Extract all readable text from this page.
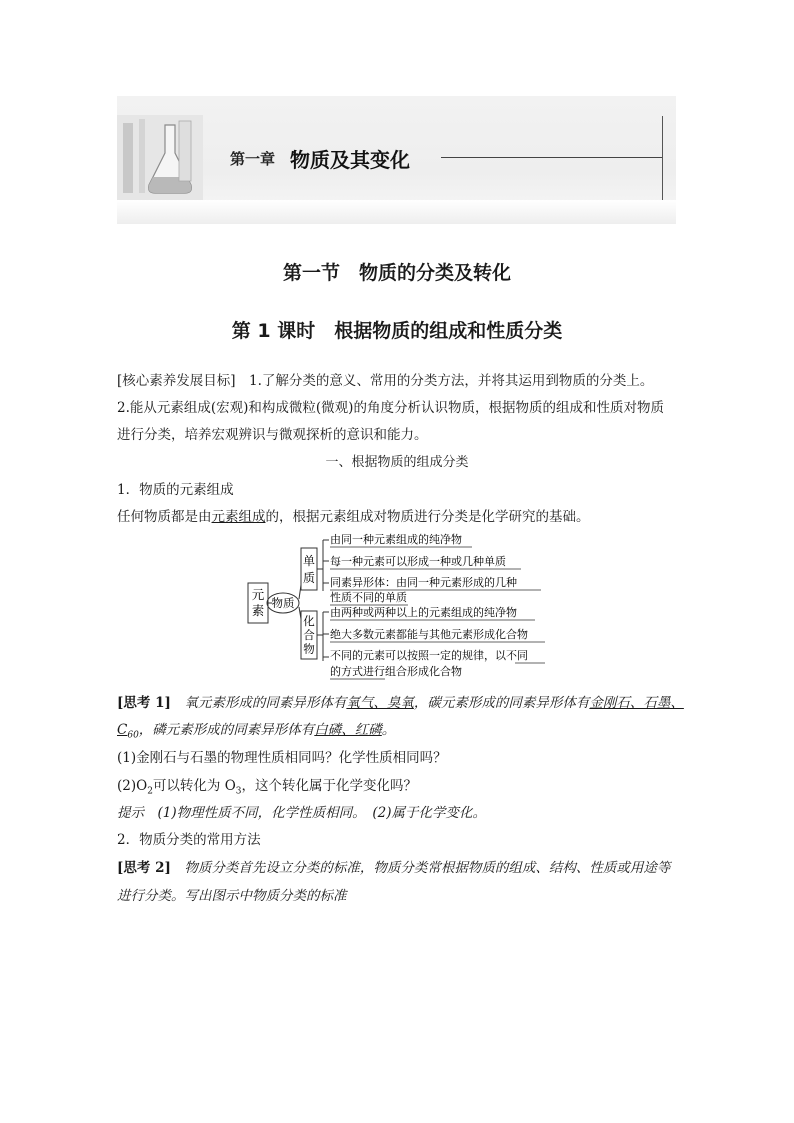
第一章 物质及其变化
第一节　物质的分类及转化
第 1 课时　根据物质的组成和性质分类
[核心素养发展目标]　 1.了解分类的意义、常用的分类方法，并将其运用到物质的分类上。
2.能从元素组成(宏观)和构成微粒(微观)的角度分析认识物质，根据物质的组成和性质对物质
进行分类，培养宏观辨识与微观探析的意识和能力。
一、根据物质的组成分类
1．物质的元素组成
任何物质都是由元素组成的，根据元素组成对物质进行分类是化学研究的基础。
元
素 物质
单
质
化
合
物
由同一种元素组成的纯净物
每一种元素可以形成一种或几种单质
同素异形体：由同一种元素形成的几种
性质不同的单质
由两种或两种以上的元素组成的纯净物
绝大多数元素都能与其他元素形成化合物
不同的元素可以按照一定的规律，以不同
的方式进行组合形成化合物
[思考 1]　 氧元素形成的同素异形体有氧气、臭氧，碳元素形成的同素异形体有金刚石、石墨、
$C_{60}$，磷元素形成的同素异形体有白磷、红磷。
(1)金刚石与石墨的物理性质相同吗？化学性质相同吗？
$(2)O_2$可以转化为 $O_3$，这个转化属于化学变化吗？
提示　(1)物理性质不同，化学性质相同。　(2)属于化学变化。
2．物质分类的常用方法
[思考 2]　 物质分类首先设立分类的标准，物质分类常根据物质的组成、结构、性质或用途等
进行分类。写出图示中物质分类的标准
